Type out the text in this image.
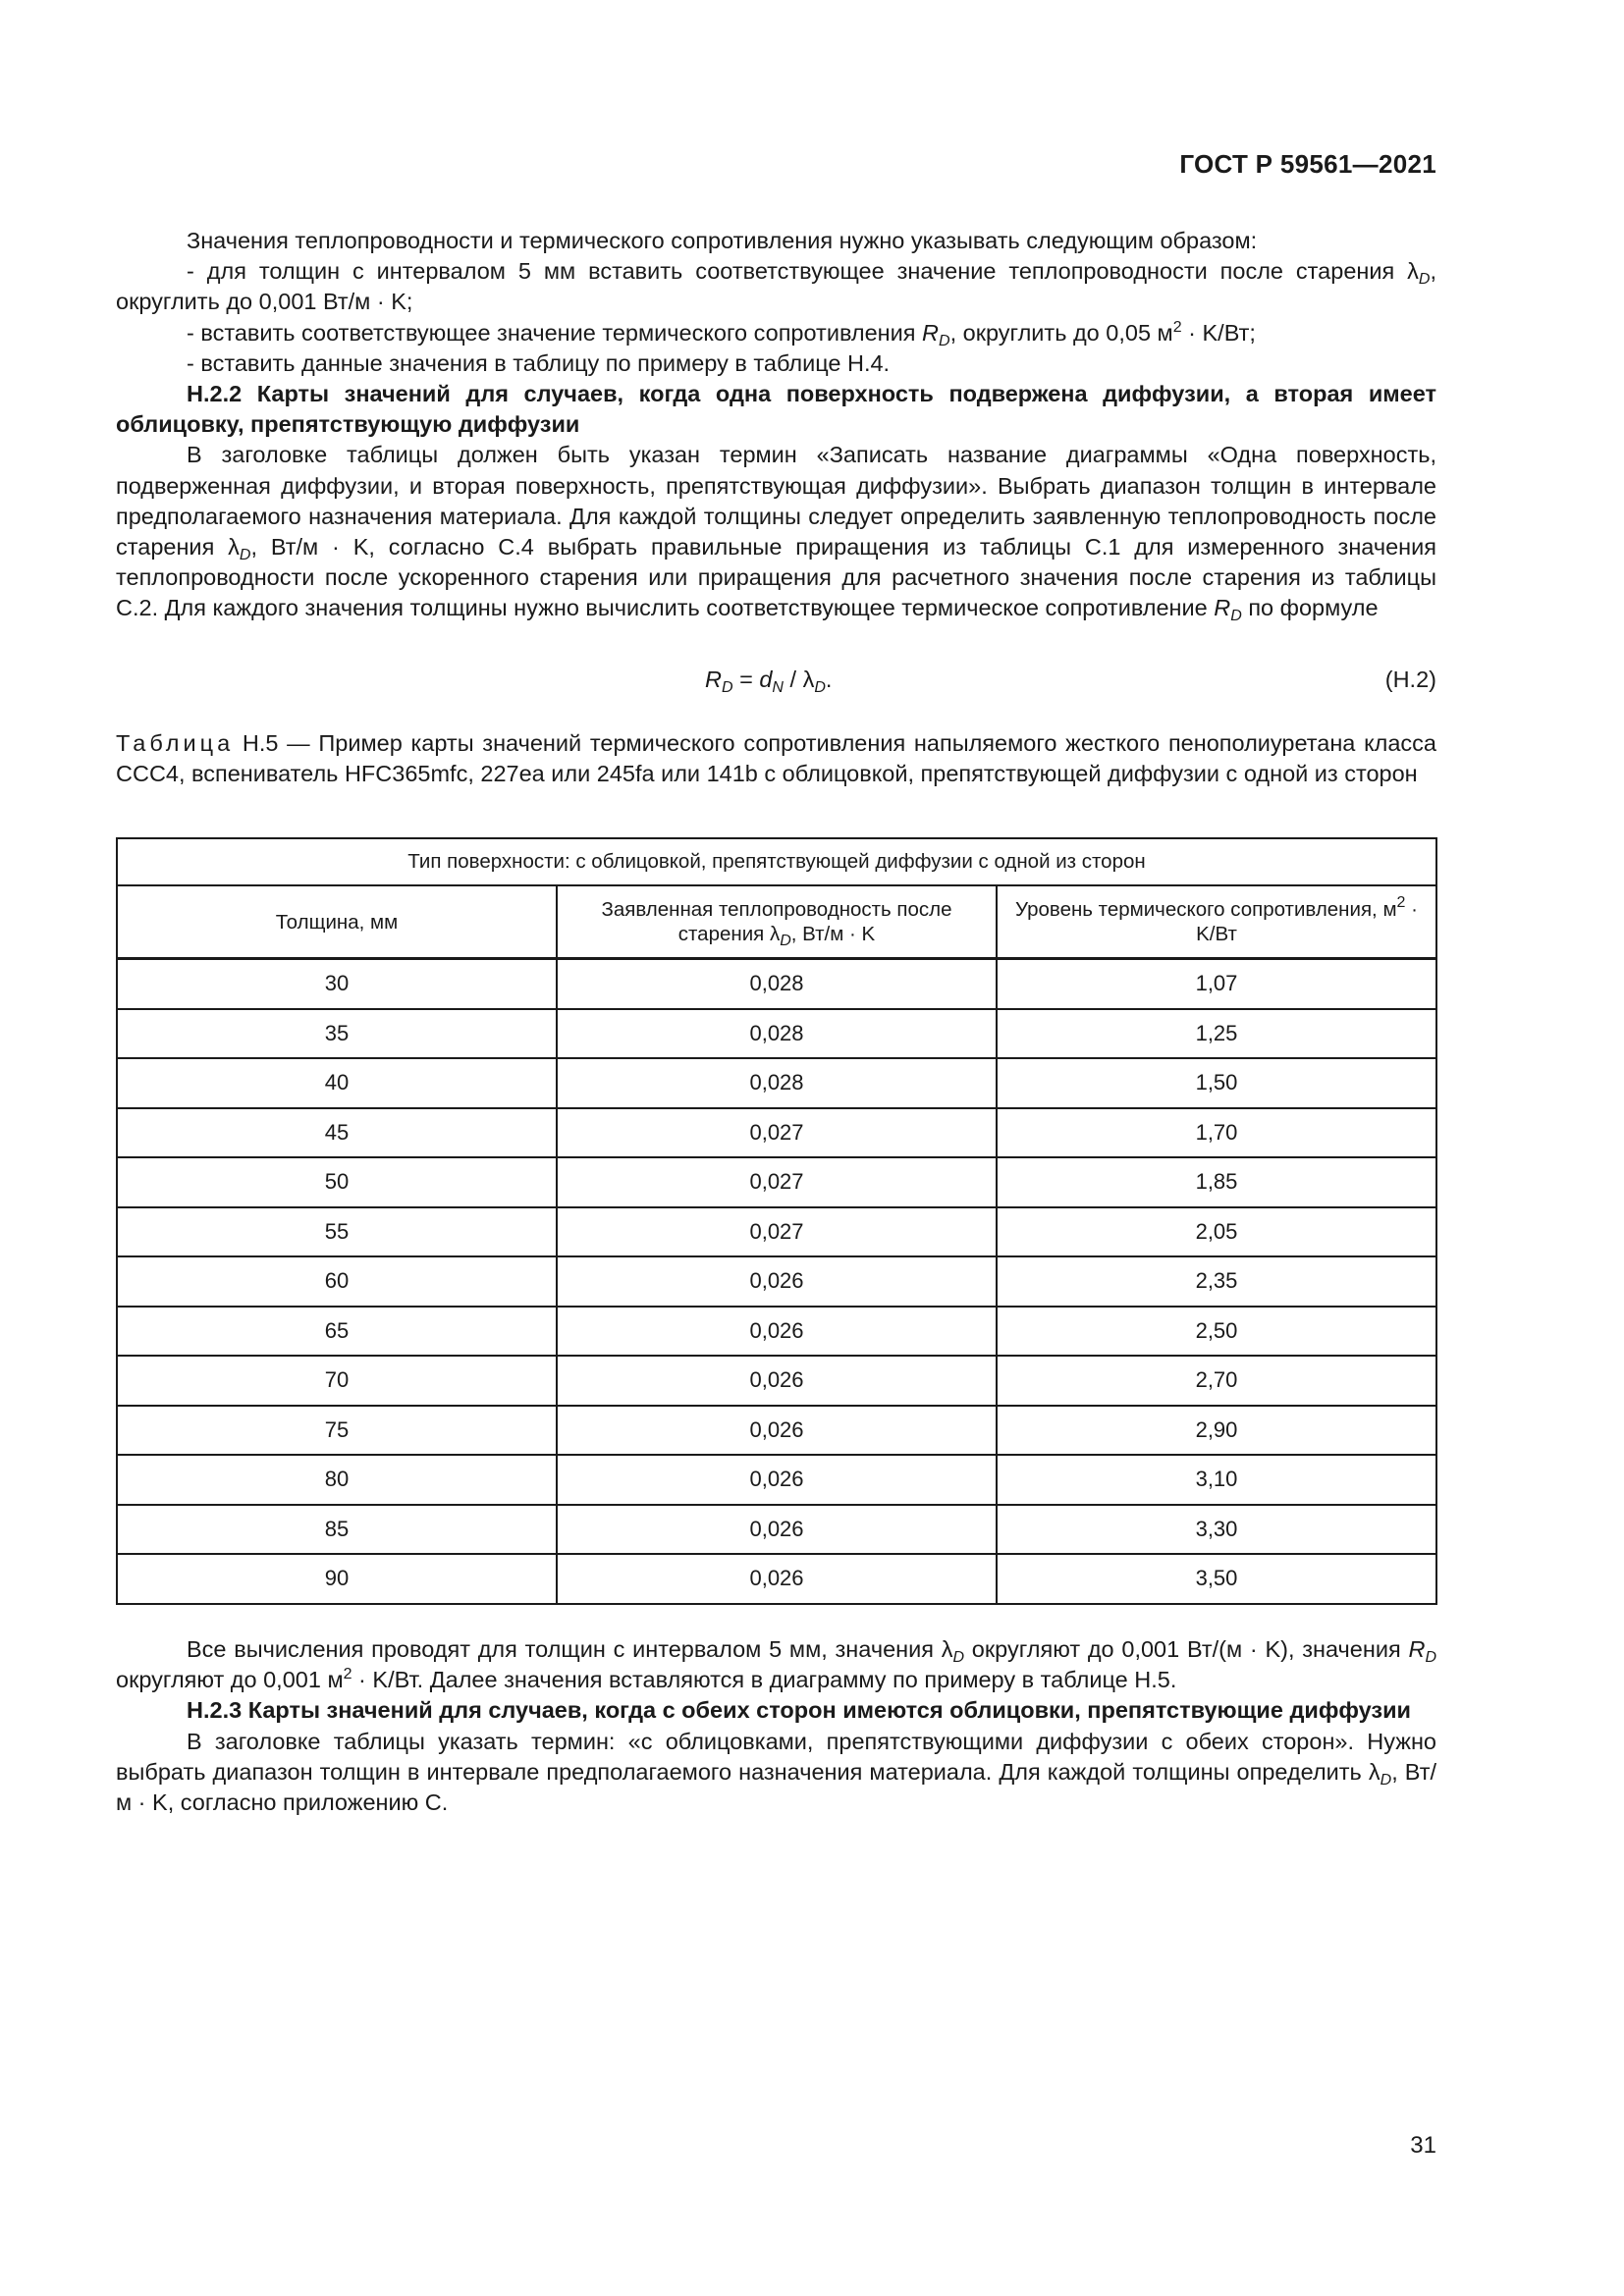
ГОСТ Р 59561—2021

Значения теплопроводности и термического сопротивления нужно указывать следующим образом:

- для толщин с интервалом 5 мм вставить соответствующее значение теплопроводности после старения $\lambda_D$, округлить до 0,001 Вт/м · K;

- вставить соответствующее значение термического сопротивления $R_D$, округлить до 0,05 $м^2 \cdot K/Вт$;

- вставить данные значения в таблицу по примеру в таблице H.4.

H.2.2 Карты значений для случаев, когда одна поверхность подвержена диффузии, а вторая имеет облицовку, препятствующую диффузии

В заголовке таблицы должен быть указан термин «Записать название диаграммы «Одна поверхность, подверженная диффузии, и вторая поверхность, препятствующая диффузии». Выбрать диапазон толщин в интервале предполагаемого назначения материала. Для каждой толщины следует определить заявленную теплопроводность после старения $\lambda_D$, Вт/м · K, согласно С.4 выбрать правильные приращения из таблицы С.1 для измеренного значения теплопроводности после ускоренного старения или приращения для расчетного значения после старения из таблицы С.2. Для каждого значения толщины нужно вычислить соответствующее термическое сопротивление $R_D$ по формуле

$R_D = d_N / \lambda_D$.	(H.2)
Таблица H.5 — Пример карты значений термического сопротивления напыляемого жесткого пенополиуретана класса ССС4, вспениватель HFC365mfc, 227еа или 245fa или 141b с облицовкой, препятствующей диффузии с одной из сторон
Тип поверхности: с облицовкой, препятствующей диффузии с одной из сторон		
Толщина, мм	Заявленная теплопроводность после старения $\lambda_D$, Вт/м · K	Уровень термического сопротивления, $м^2 \cdot K/Вт$
30	0,028	1,07
35	0,028	1,25
40	0,028	1,50
45	0,027	1,70
50	0,027	1,85
55	0,027	2,05
60	0,026	2,35
65	0,026	2,50
70	0,026	2,70
75	0,026	2,90
80	0,026	3,10
85	0,026	3,30
90	0,026	3,50

Все вычисления проводят для толщин с интервалом 5 мм, значения $\lambda_D$ округляют до 0,001 Вт/(м · K), значения $R_D$ округляют до 0,001 $м^2 \cdot K/Вт$. Далее значения вставляются в диаграмму по примеру в таблице H.5.

H.2.3 Карты значений для случаев, когда с обеих сторон имеются облицовки, препятствующие диффузии

В заголовке таблицы указать термин: «с облицовками, препятствующими диффузии с обеих сторон». Нужно выбрать диапазон толщин в интервале предполагаемого назначения материала. Для каждой толщины определить $\lambda_D$, Вт/м · K, согласно приложению С.

31
